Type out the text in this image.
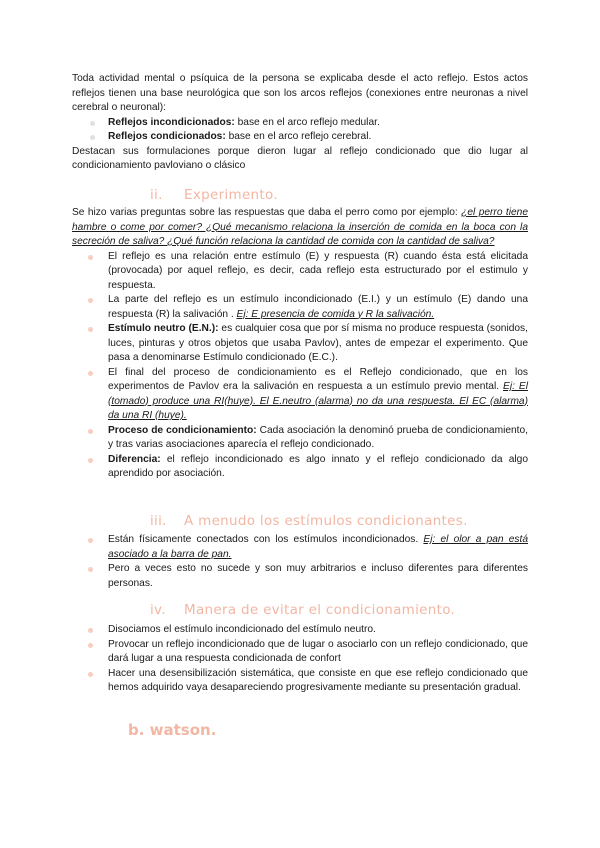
Toda actividad mental o psíquica de la persona se explicaba desde el acto reflejo. Estos actos reflejos tienen una base neurológica que son los arcos reflejos (conexiones entre neuronas a nivel cerebral o neuronal):

Reflejos incondicionados: base en el arco reflejo medular.
Reflejos condicionados: base en el arco reflejo cerebral.

Destacan sus formulaciones porque dieron lugar al reflejo condicionado que dio lugar al condicionamiento pavloviano o clásico

ii. Experimento.

Se hizo varias preguntas sobre las respuestas que daba el perro como por ejemplo: ¿el perro tiene hambre o come por comer? ¿Qué mecanismo relaciona la inserción de comida en la boca con la secreción de saliva? ¿Qué función relaciona la cantidad de comida con la cantidad de saliva?

El reflejo es una relación entre estímulo (E) y respuesta (R) cuando ésta está elicitada (provocada) por aquel reflejo, es decir, cada reflejo esta estructurado por el estimulo y respuesta.
La parte del reflejo es un estímulo incondicionado (E.I.) y un estímulo (E) dando una respuesta (R) la salivación . Ej: E presencia de comida y R la salivación.
Estímulo neutro (E.N.): es cualquier cosa que por sí misma no produce respuesta (sonidos, luces, pinturas y otros objetos que usaba Pavlov), antes de empezar el experimento. Que pasa a denominarse Estímulo condicionado (E.C.).
El final del proceso de condicionamiento es el Reflejo condicionado, que en los experimentos de Pavlov era la salivación en respuesta a un estímulo previo mental. Ej: El (tomado) produce una RI(huye). El E.neutro (alarma) no da una respuesta. El EC (alarma) da una RI (huye).
Proceso de condicionamiento: Cada asociación la denominó prueba de condicionamiento, y tras varias asociaciones aparecía el reflejo condicionado.
Diferencia: el reflejo incondicionado es algo innato y el reflejo condicionado da algo aprendido por asociación.
iii. A menudo los estímulos condicionantes.
Están físicamente conectados con los estímulos incondicionados. Ej: el olor a pan está asociado a la barra de pan.
Pero a veces esto no sucede y son muy arbitrarios e incluso diferentes para diferentes personas.
iv. Manera de evitar el condicionamiento.
Disociamos el estímulo incondicionado del estímulo neutro.
Provocar un reflejo incondicionado que de lugar o asociarlo con un reflejo condicionado, que dará lugar a una respuesta condicionada de confort
Hacer una desensibilización sistemática, que consiste en que ese reflejo condicionado que hemos adquirido vaya desapareciendo progresivamente mediante su presentación gradual.
b. watson.
